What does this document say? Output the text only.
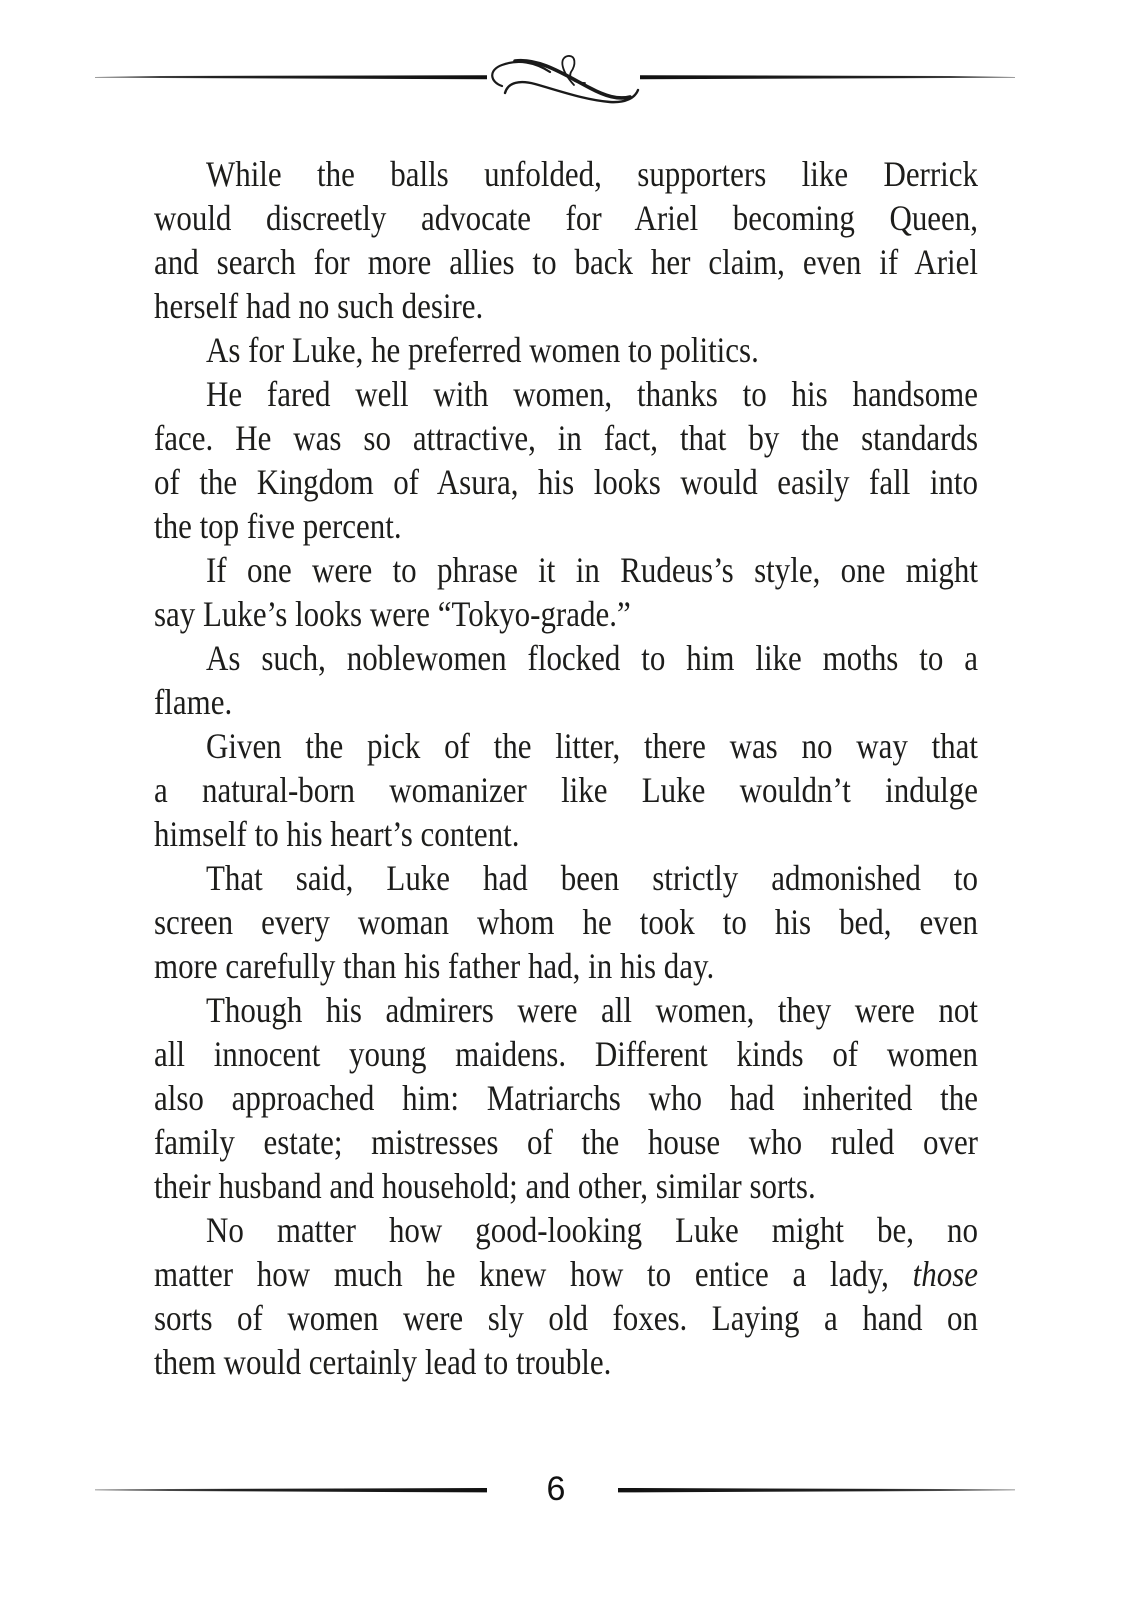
While the balls unfolded, supporters like Derrick
would discreetly advocate for Ariel becoming Queen,
and search for more allies to back her claim, even if Ariel
herself had no such desire.
As for Luke, he preferred women to politics.
He fared well with women, thanks to his handsome
face. He was so attractive, in fact, that by the standards
of the Kingdom of Asura, his looks would easily fall into
the top five percent.
If one were to phrase it in Rudeus’s style, one might
say Luke’s looks were “Tokyo-grade.”
As such, noblewomen flocked to him like moths to a
flame.
Given the pick of the litter, there was no way that
a natural-born womanizer like Luke wouldn’t indulge
himself to his heart’s content.
That said, Luke had been strictly admonished to
screen every woman whom he took to his bed, even
more carefully than his father had, in his day.
Though his admirers were all women, they were not
all innocent young maidens. Different kinds of women
also approached him: Matriarchs who had inherited the
family estate; mistresses of the house who ruled over
their husband and household; and other, similar sorts.
No matter how good-looking Luke might be, no
matter how much he knew how to entice a lady, those
sorts of women were sly old foxes. Laying a hand on
them would certainly lead to trouble.
6
